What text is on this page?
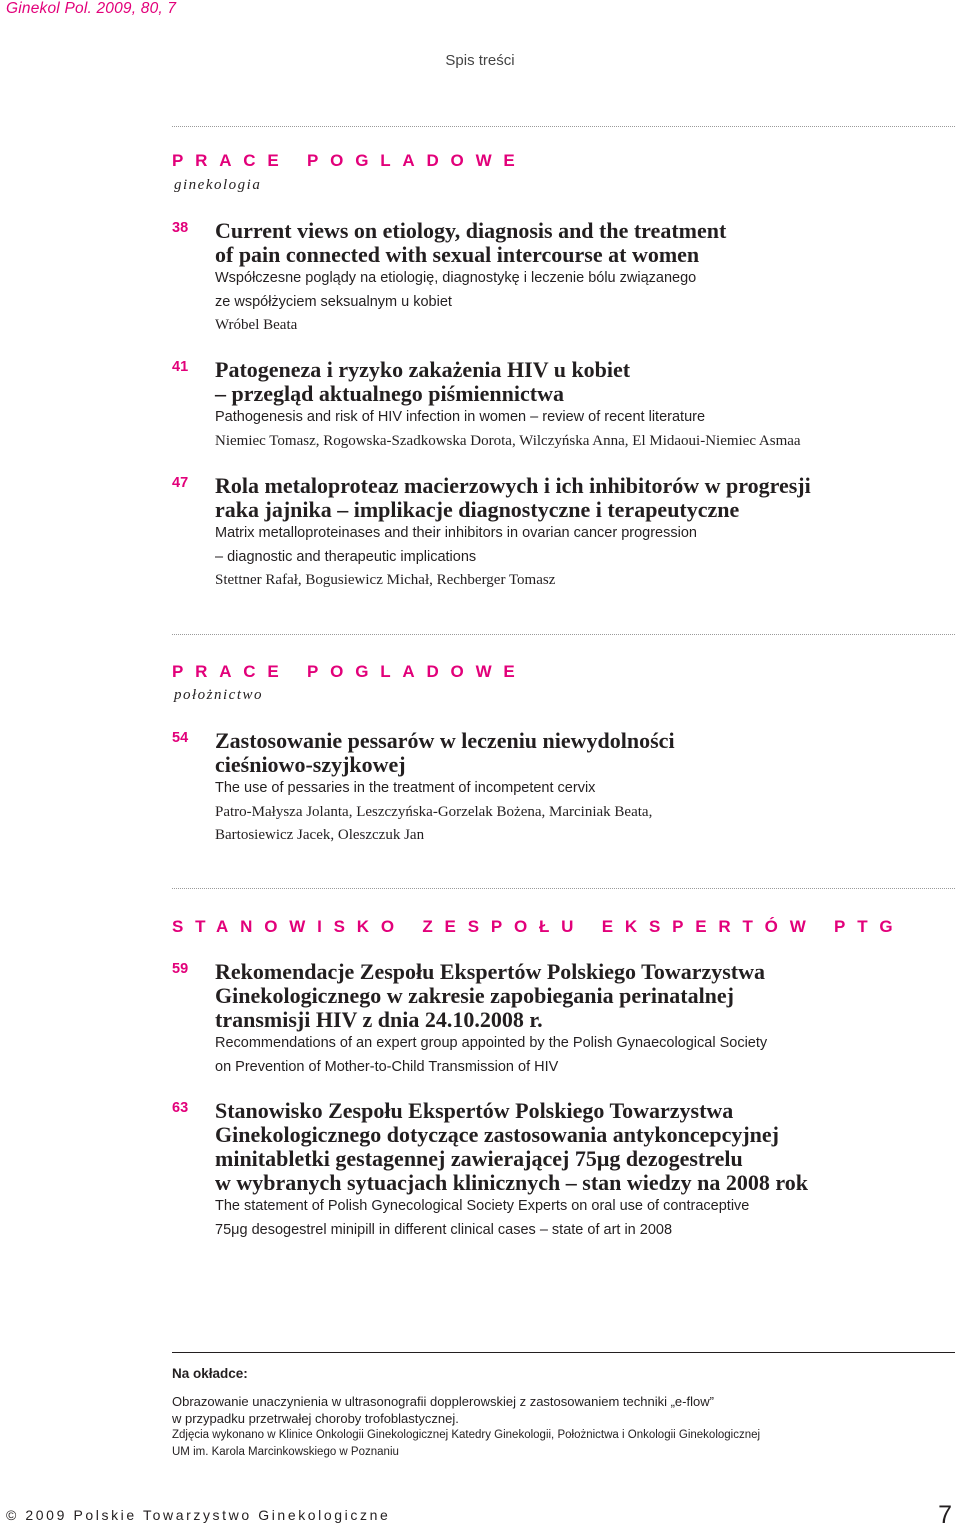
Ginekol Pol. 2009, 80, 7
Spis treści
PRACE POGLADOWE
ginekologia
38 Current views on etiology, diagnosis and the treatment
of pain connected with sexual intercourse at women
Współczesne poglądy na etiologię, diagnostykę i leczenie bólu związanego
ze współżyciem seksualnym u kobiet
Wróbel Beata
41 Patogeneza i ryzyko zakażenia HIV u kobiet
– przegląd aktualnego piśmiennictwa
Pathogenesis and risk of HIV infection in women – review of recent literature
Niemiec Tomasz, Rogowska-Szadkowska Dorota, Wilczyńska Anna, El Midaoui-Niemiec Asmaa
47 Rola metaloproteaz macierzowych i ich inhibitorów w progresji
raka jajnika – implikacje diagnostyczne i terapeutyczne
Matrix metalloproteinases and their inhibitors in ovarian cancer progression
– diagnostic and therapeutic implications
Stettner Rafał, Bogusiewicz Michał, Rechberger Tomasz
PRACE POGLADOWE
położnictwo
54 Zastosowanie pessarów w leczeniu niewydolności
cieśniowo-szyjkowej
The use of pessaries in the treatment of incompetent cervix
Patro-Małysza Jolanta, Leszczyńska-Gorzelak Bożena, Marciniak Beata,
Bartosiewicz Jacek, Oleszczuk Jan
STANOWISKO ZESPOŁU EKSPERTÓW PTG
59 Rekomendacje Zespołu Ekspertów Polskiego Towarzystwa
Ginekologicznego w zakresie zapobiegania perinatalnej
transmisji HIV z dnia 24.10.2008 r.
Recommendations of an expert group appointed by the Polish Gynaecological Society
on Prevention of Mother-to-Child Transmission of HIV
63 Stanowisko Zespołu Ekspertów Polskiego Towarzystwa
Ginekologicznego dotyczące zastosowania antykoncepcyjnej
minitabletki gestagennej zawierającej 75μg dezogestrelu
w wybranych sytuacjach klinicznych – stan wiedzy na 2008 rok
The statement of Polish Gynecological Society Experts on oral use of contraceptive
75μg desogestrel minipill in different clinical cases – state of art in 2008
Na okładce:
Obrazowanie unaczynienia w ultrasonografii dopplerowskiej z zastosowaniem techniki „e-flow”
w przypadku przetrwałej choroby trofoblastycznej.
Zdjęcia wykonano w Klinice Onkologii Ginekologicznej Katedry Ginekologii, Położnictwa i Onkologii Ginekologicznej
UM im. Karola Marcinkowskiego w Poznaniu
© 2009 Polskie Towarzystwo Ginekologiczne	7
